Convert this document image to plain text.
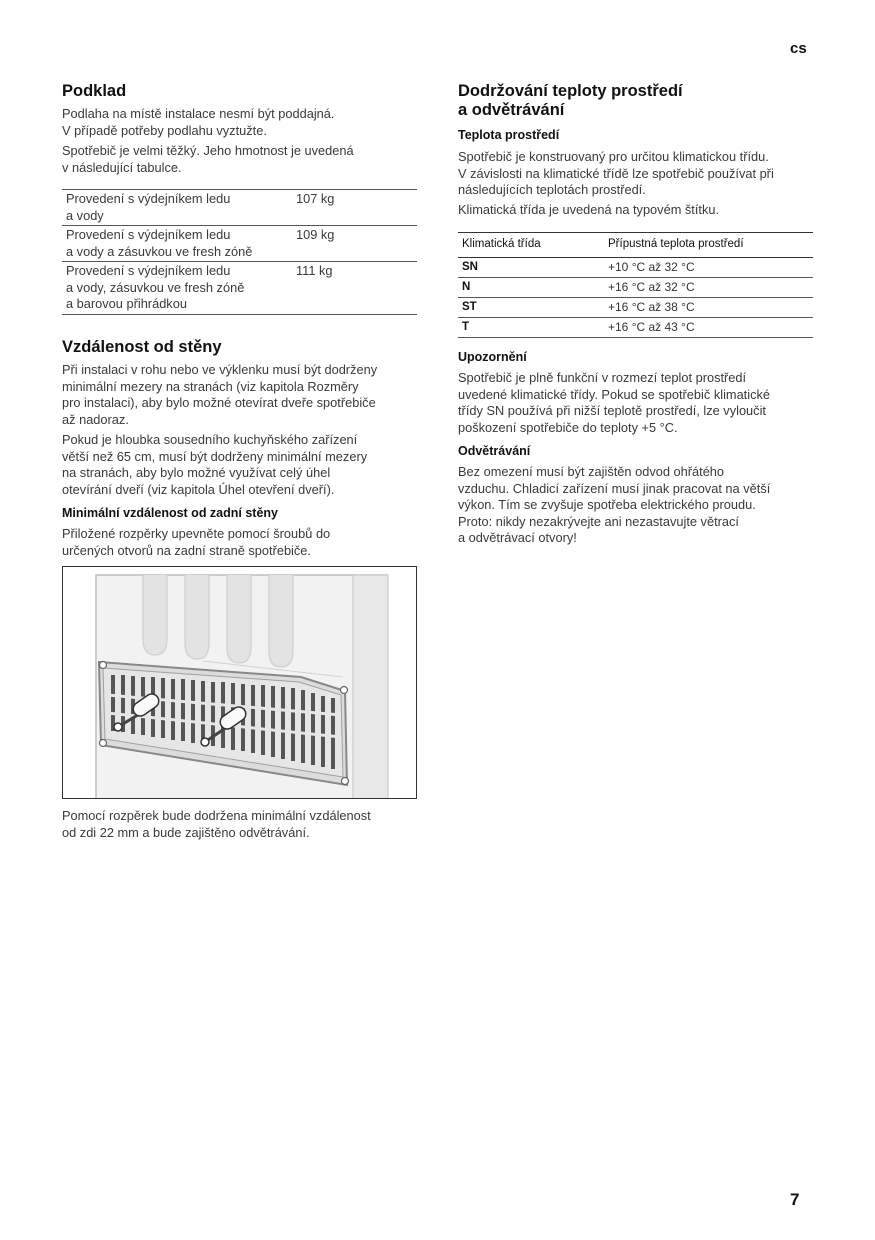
cs
Podklad

Podlaha na místě instalace nesmí být poddajná.
V případě potřeby podlahu vyztužte.

Spotřebič je velmi těžký. Jeho hmotnost je uvedená
v následující tabulce.

Provedení s výdejníkem ledu
a vody	107 kg
Provedení s výdejníkem ledu
a vody a zásuvkou ve fresh zóně	109 kg
Provedení s výdejníkem ledu
a vody, zásuvkou ve fresh zóně
a barovou přihrádkou	111 kg
Vzdálenost od stěny

Při instalaci v rohu nebo ve výklenku musí být dodrženy
minimální mezery na stranách (viz kapitola Rozměry
pro instalaci), aby bylo možné otevírat dveře spotřebiče
až nadoraz.

Pokud je hloubka sousedního kuchyňského zařízení
větší než 65 cm, musí být dodrženy minimální mezery
na stranách, aby bylo možné využívat celý úhel
otevírání dveří (viz kapitola Úhel otevření dveří).

Minimální vzdálenost od zadní stěny

Přiložené rozpěrky upevněte pomocí šroubů do
určených otvorů na zadní straně spotřebiče.

Pomocí rozpěrek bude dodržena minimální vzdálenost
od zdi 22 mm a bude zajištěno odvětrávání.

Dodržování teploty prostředí
a odvětrávání
Teplota prostředí

Spotřebič je konstruovaný pro určitou klimatickou třídu.
V závislosti na klimatické třídě lze spotřebič používat při
následujících teplotách prostředí.

Klimatická třída je uvedená na typovém štítku.

Klimatická třída	Přípustná teplota prostředí
SN	+10 °C až 32 °C
N	+16 °C až 32 °C
ST	+16 °C až 38 °C
T	+16 °C až 43 °C
Upozornění

Spotřebič je plně funkční v rozmezí teplot prostředí
uvedené klimatické třídy. Pokud se spotřebič klimatické
třídy SN používá při nižší teplotě prostředí, lze vyloučit
poškození spotřebiče do teploty +5 °C.

Odvětrávání

Bez omezení musí být zajištěn odvod ohřátého
vzduchu. Chladicí zařízení musí jinak pracovat na větší
výkon. Tím se zvyšuje spotřeba elektrického proudu.
Proto: nikdy nezakrývejte ani nezastavujte větrací
a odvětrávací otvory!

7
